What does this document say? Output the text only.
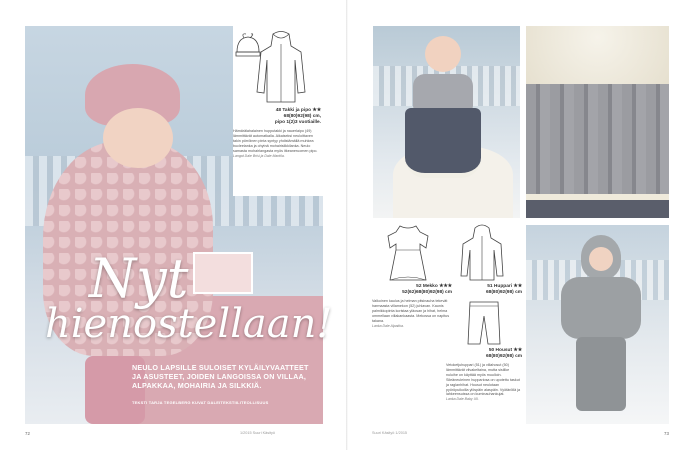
48 Takki ja pipo ★★
68(80)92(98) cm,
pipo 1(2)3 vuotiaille.
Hämärälahalainen hupputakki ja nauerlaipo (49) lämmittävät automatkalla. Aikaiseksi neuloittaven takin pörröinen pinta syntyy yhdistämällä muhkea bucleelanka ja ohytnä mohairisilkkilanka. Neulo samasta mohairlangasta myös itkeaneruomen pipo.
Langat Dale Brisi ja Dale Mantila.
Nyt
hienostellaan!
NEULO LAPSILLE SULOISET KYLÄILYVAATTEET JA ASUSTEET, JOIDEN LANGOISSA ON VILLAA, ALPAKKAA, MOHAIRIA JA SILKKIÄ.
TEKSTI TARJA TEGELBERG KUVAT DALEITEKSTIILITEOLLISUUS
72	1/2015 Suuri Käsityö
52 Mekko ★★★
52(62)68(80)92(98) cm
Valkoinen kaulus ja helman pitsinauha tekevät harmaasta villamekon (52) juhlavan. Kaunis palmikkopinta koristaa yläosan ja hihat, helma ommellaan villakankaasta. Mekossa on napitus takana.
Lanka Dale Alpakka.
51 Huppari ★★
68(80)92(98) cm
50 Housut ★★
68(80)92(98) cm
Vetoketjuhuppari (51) ja villahosut (50) lämmittävät vilvakeltaina, mutta sisillke nuluihe on käyttää myös muulloin. Sileäneuleinen huppariosa on upotettu taskut ja raglanhihat. Housut neulotaan pyöröpuikoilla ylöspäin alaspäin. Vyötäröllä ja lahkeensuissa on kuminauhankujat.
Lanka Dale Baby Ull.
Suuri Käsityö 1/2015	73
